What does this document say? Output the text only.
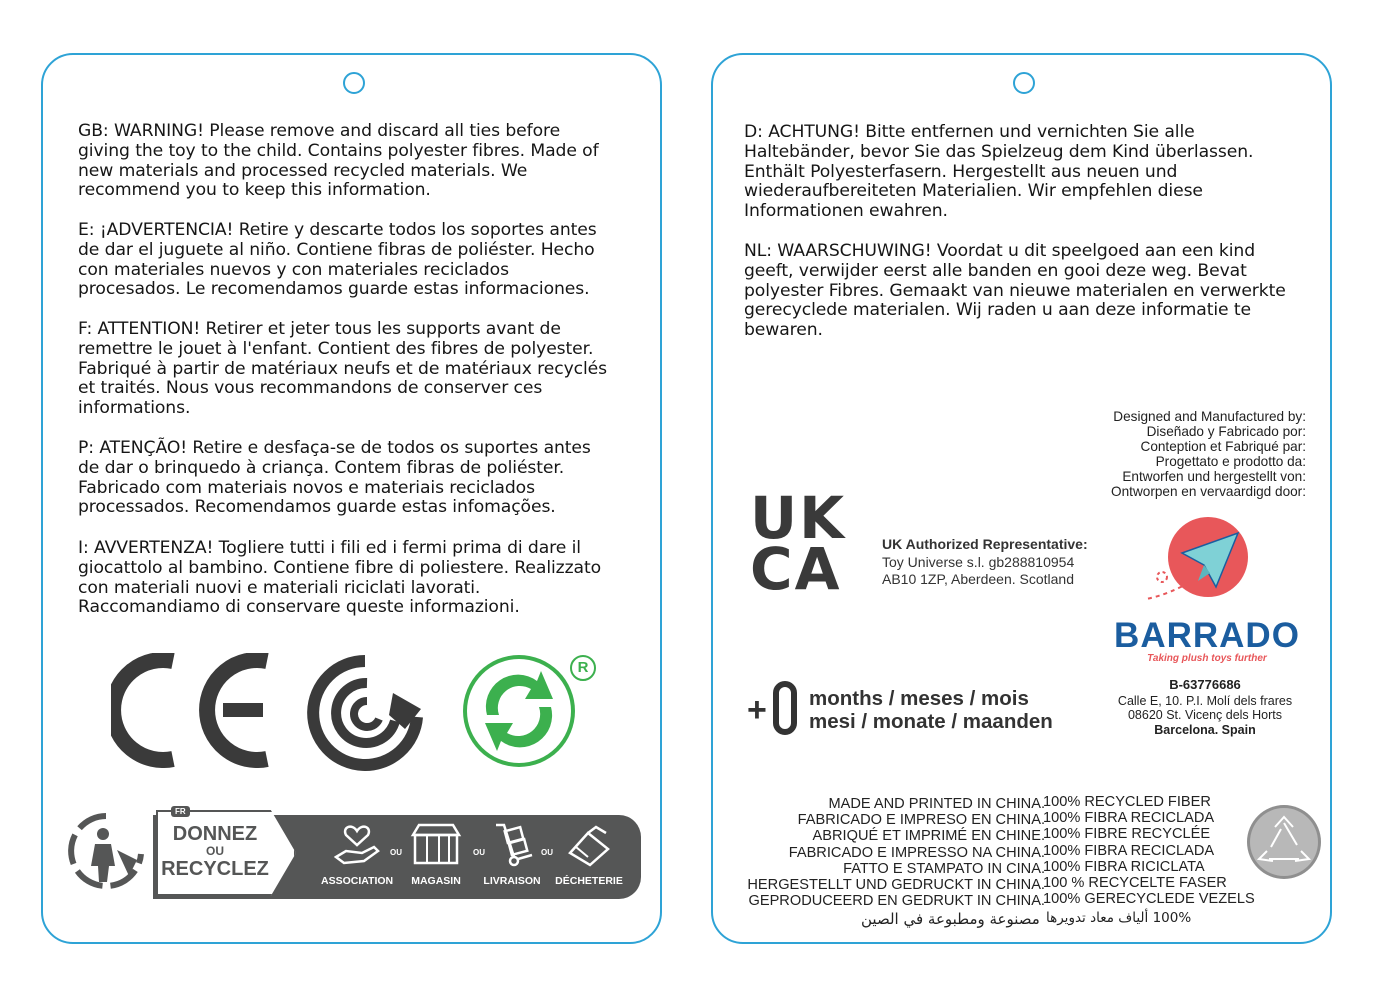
GB: WARNING! Please remove and discard all ties before
giving the toy to the child. Contains polyester fibres. Made of
new materials and processed recycled materials. We
recommend you to keep this information.

E: ¡ADVERTENCIA! Retire y descarte todos los soportes antes
de dar el juguete al niño. Contiene fibras de poliéster. Hecho
con materiales nuevos y con materiales reciclados
procesados. Le recomendamos guarde estas informaciones.

F: ATTENTION! Retirer et jeter tous les supports avant de
remettre le jouet à l'enfant. Contient des fibres de polyester.
Fabriqué à partir de matériaux neufs et de matériaux recyclés
et traités. Nous vous recommandons de conserver ces
informations.

P: ATENÇÃO! Retire e desfaça-se de todos os suportes antes
de dar o brinquedo à criança. Contem fibras de poliéster.
Fabricado com materiais novos e materiais reciclados
processados. Recomendamos guarde estas infomações.

I: AVVERTENZA! Togliere tutti i fili ed i fermi prima di dare il
giocattolo al bambino. Contiene fibre di poliestere. Realizzato
con materiali nuovi e materiali riciclati lavorati.
Raccomandiamo di conservare queste informazioni.

R
FR
DONNEZ
OU
RECYCLEZ
ASSOCIATION
OU
MAGASIN
OU
LIVRAISON
OU
DÉCHETERIE

D: ACHTUNG! Bitte entfernen und vernichten Sie alle
Haltebänder, bevor Sie das Spielzeug dem Kind überlassen.
Enthält Polyesterfasern. Hergestellt aus neuen und
wiederaufbereiteten Materialien. Wir empfehlen diese
Informationen ewahren.

NL: WAARSCHUWING! Voordat u dit speelgoed aan een kind
geeft, verwijder eerst alle banden en gooi deze weg. Bevat
polyester Fibres. Gemaakt van nieuwe materialen en verwerkte
gerecyclede materialen. Wij raden u aan deze informatie te
bewaren.

Designed and Manufactured by:
Diseñado y Fabricado por:
Conteption et Fabriqué par:
Progettato e prodotto da:
Entworfen und hergestellt von:
Ontworpen en vervaardigd door:
UK
CA	UK Authorized Representative:
Toy Universe s.l. gb288810954
AB10 1ZP, Aberdeen. Scotland
BARRADO
Taking plush toys further
B-63776686
Calle E, 10. P.I. Molí dels frares
08620 St. Vicenç dels Horts
Barcelona. Spain
+ months / meses / mois
mesi / monate / maanden
MADE AND PRINTED IN CHINA.
FABRICADO E IMPRESO EN CHINA.
ABRIQUÉ ET IMPRIMÉ EN CHINE.
FABRICADO E IMPRESSO NA CHINA.
FATTO E STAMPATO IN CINA.
HERGESTELLT UND GEDRUCKT IN CHINA.
GEPRODUCEERD EN GEDRUKT IN CHINA.
100% RECYCLED FIBER
100% FIBRA RECICLADA
100% FIBRE RECYCLÉE
100% FIBRA RECICLADA
100% FIBRA RICICLATA
100 % RECYCELTE FASER
100% GERECYCLEDE VEZELS
مصنوعة ومطبوعة في الصين 100% ألياف معاد تدويرها
